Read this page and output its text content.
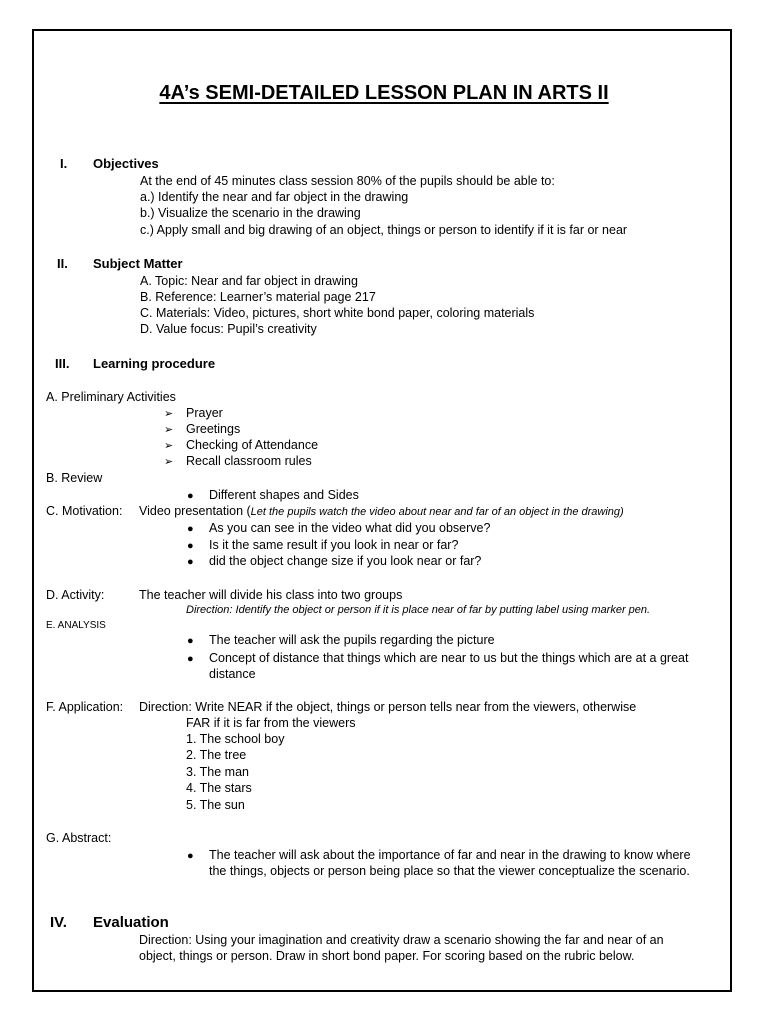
4A’s SEMI-DETAILED LESSON PLAN IN ARTS II
I. Objectives
At the end of 45 minutes class session 80% of the pupils should be able to:
a.) Identify the near and far object in the drawing
b.) Visualize the scenario in the drawing
c.) Apply small and big drawing of an object, things or person to identify if it is far or near
II. Subject Matter
A. Topic: Near and far object in drawing
B. Reference: Learner’s material page 217
C. Materials: Video, pictures, short white bond paper, coloring materials
D. Value focus: Pupil’s creativity
III. Learning procedure
A. Preliminary Activities
➢ Prayer
➢ Greetings
➢ Checking of Attendance
➢ Recall classroom rules
B. Review
● Different shapes and Sides
C. Motivation: Video presentation (Let the pupils watch the video about near and far of an object in the drawing)
● As you can see in the video what did you observe?
● Is it the same result if you look in near or far?
● did the object change size if you look near or far?
D. Activity:	The teacher will divide his class into two groups
Direction: Identify the object or person if it is place near of far by putting label using marker pen.
E. ANALYSIS
● The teacher will ask the pupils regarding the picture
● Concept of distance that things which are near to us but the things which are at a great
distance
F. Application: Direction: Write NEAR if the object, things or person tells near from the viewers, otherwise
FAR if it is far from the viewers
1. The school boy
2. The tree
3. The man
4. The stars
5. The sun
G. Abstract:
● The teacher will ask about the importance of far and near in the drawing to know where
the things, objects or person being place so that the viewer conceptualize the scenario.
IV. Evaluation
Direction: Using your imagination and creativity draw a scenario showing the far and near of an
object, things or person. Draw in short bond paper. For scoring based on the rubric below.
